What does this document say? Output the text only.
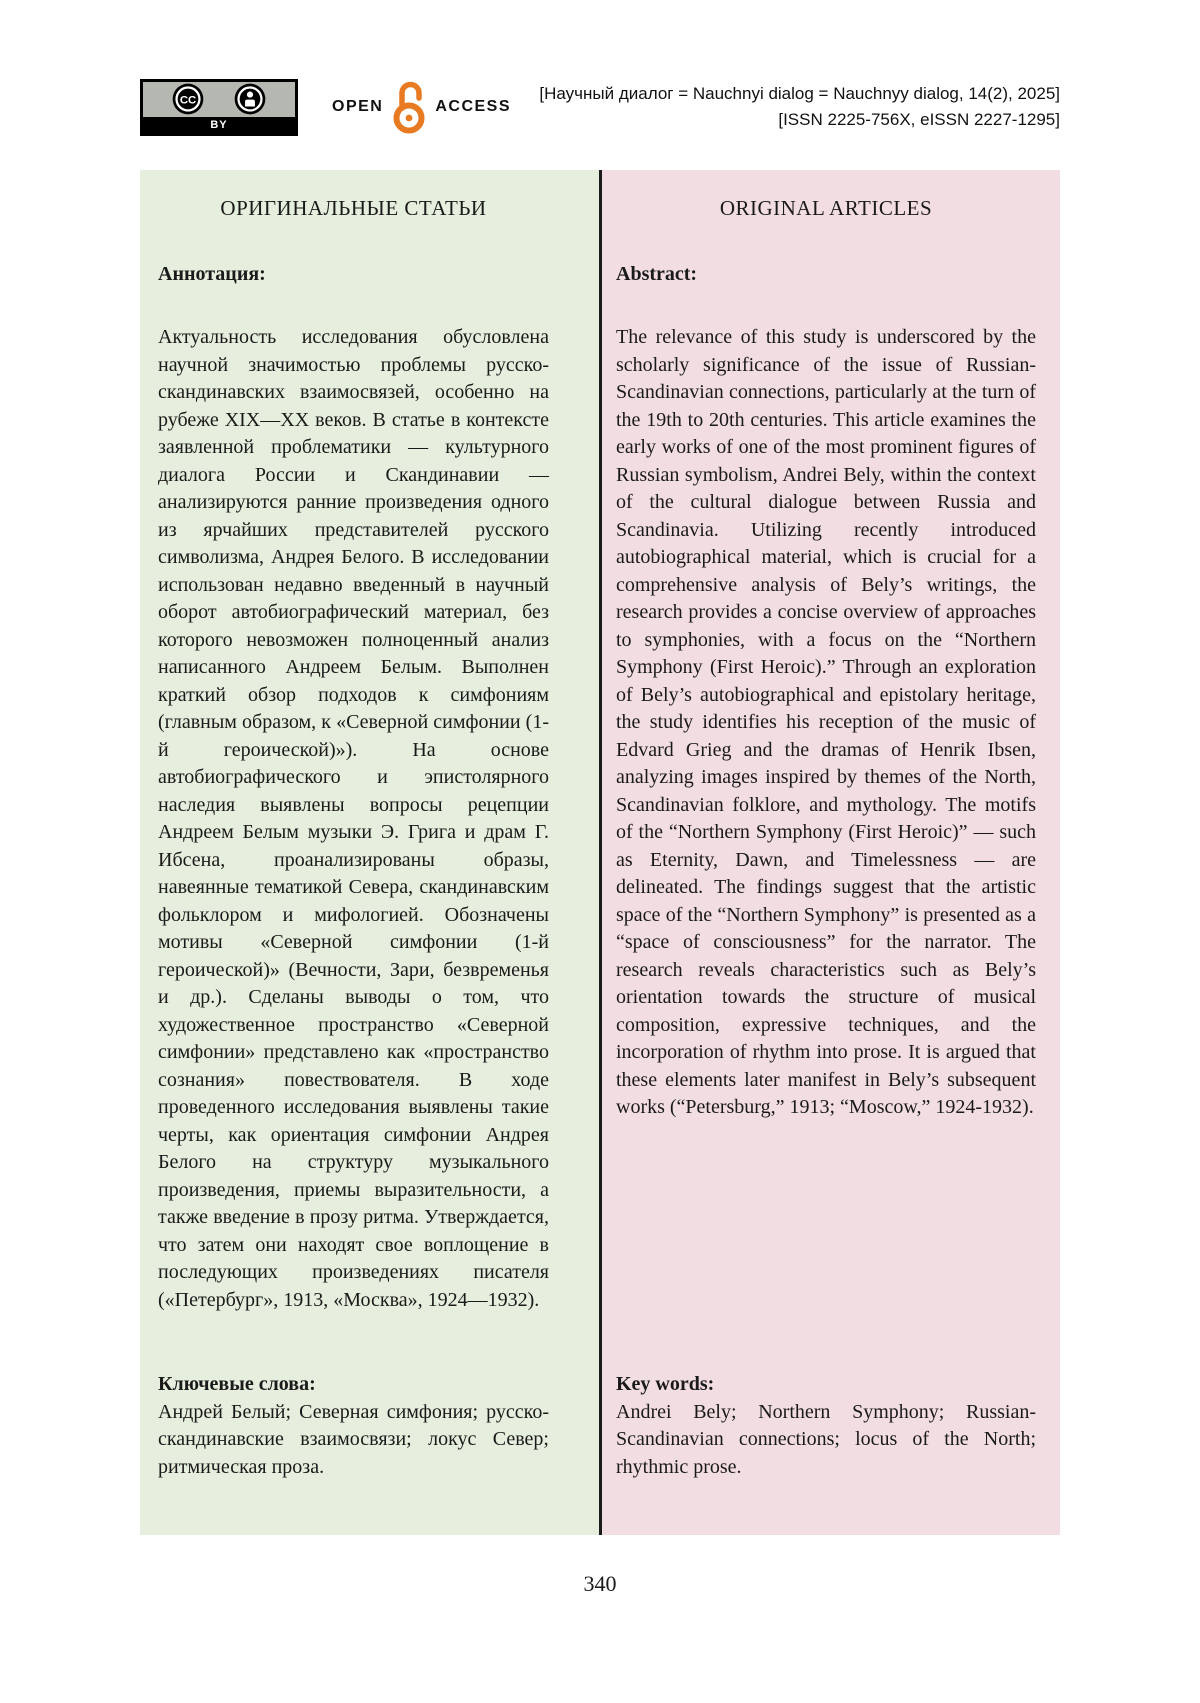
CC
BY
OPEN	ACCESS
[Научный диалог = Nauchnyi dialog = Nauchnyy dialog, 14(2), 2025]
[ISSN 2225-756X, eISSN 2227-1295]
ОРИГИНАЛЬНЫЕ СТАТЬИ
Аннотация:
Актуальность исследования обусловлена научной значимостью проблемы русско-скандинавских взаимосвязей, особенно на рубеже XIX—XX веков. В статье в контексте заявленной проблематики — культурного диалога России и Скандинавии — анализируются ранние произведения одного из ярчайших представителей русского символизма, Андрея Белого. В исследовании использован недавно введенный в научный оборот автобиографический материал, без которого невозможен полноценный анализ написанного Андреем Белым. Выполнен краткий обзор подходов к симфониям (главным образом, к «Северной симфонии (1-й героической)»). На основе автобиографического и эпистолярного наследия выявлены вопросы рецепции Андреем Белым музыки Э. Грига и драм Г. Ибсена, проанализированы образы, навеянные тематикой Севера, скандинавским фольклором и мифологией. Обозначены мотивы «Северной симфонии (1-й героической)» (Вечности, Зари, безвременья и др.). Сделаны выводы о том, что художественное пространство «Северной симфонии» представлено как «пространство сознания» повествователя. В ходе проведенного исследования выявлены такие черты, как ориентация симфонии Андрея Белого на структуру музыкального произведения, приемы выразительности, а также введение в прозу ритма. Утверждается, что затем они находят свое воплощение в последующих произведениях писателя («Петербург», 1913, «Москва», 1924—1932).
Ключевые слова:
Андрей Белый; Северная симфония; русско-скандинавские взаимосвязи; локус Север; ритмическая проза.
ORIGINAL ARTICLES
Abstract:
The relevance of this study is underscored by the scholarly significance of the issue of Russian-Scandinavian connections, particularly at the turn of the 19th to 20th centuries. This article examines the early works of one of the most prominent figures of Russian symbolism, Andrei Bely, within the context of the cultural dialogue between Russia and Scandinavia. Utilizing recently introduced autobiographical material, which is crucial for a comprehensive analysis of Bely’s writings, the research provides a concise overview of approaches to symphonies, with a focus on the “Northern Symphony (First Heroic).” Through an exploration of Bely’s autobiographical and epistolary heritage, the study identifies his reception of the music of Edvard Grieg and the dramas of Henrik Ibsen, analyzing images inspired by themes of the North, Scandinavian folklore, and mythology. The motifs of the “Northern Symphony (First Heroic)” — such as Eternity, Dawn, and Timelessness — are delineated. The findings suggest that the artistic space of the “Northern Symphony” is presented as a “space of consciousness” for the narrator. The research reveals characteristics such as Bely’s orientation towards the structure of musical composition, expressive techniques, and the incorporation of rhythm into prose. It is argued that these elements later manifest in Bely’s subsequent works (“Petersburg,” 1913; “Moscow,” 1924-1932).
Key words:
Andrei Bely; Northern Symphony; Russian-Scandinavian connections; locus of the North; rhythmic prose.
340
